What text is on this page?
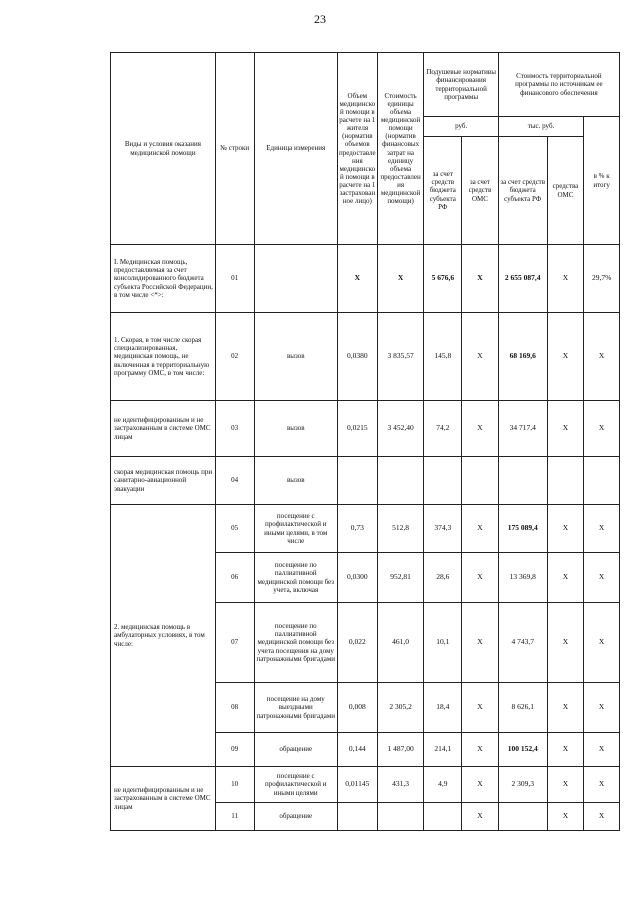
23
Виды и условия оказания медицинской помощи	№ строки	Единица измерения	Объем медицинской помощи в расчете на 1 жителя (норматив объемов предоставления медицинской помощи в расчете на 1 застрахованное лицо)	Стоимость единицы объема медицинской помощи (норматив финансовых затрат на единицу объема предоставления медицинской помощи)	Подушевые нормативы финансирования территориальной программы		Стоимость территориальной программы по источникам ее финансового обеспечения		
					руб.		тыс. руб.		в % к итогу
					за счет средств бюджета субъекта РФ	за счет средств ОМС	за счет средств бюджета субъекта РФ	средства ОМС	
I. Медицинская помощь, предоставляемая за счет консолидированного бюджета субъекта Российской Федерации, в том числе <*>:	01		X	X	5 676,6	X	2 655 087,4	X	29,7%
1. Скорая, в том числе скорая специализированная, медицинская помощь, не включенная в территориальную программу ОМС, в том числе:	02	вызов	0,0380	3 835,57	145,8	X	68 169,6	X	X
не идентифицированным и не застрахованным в системе ОМС лицам	03	вызов	0,0215	3 452,40	74,2	X	34 717,4	X	X
скорая медицинская помощь при санитарно-авиационной эвакуации	04	вызов							
2. медицинская помощь в амбулаторных условиях, в том числе:	05	посещение с профилактической и иными целями, в том числе	0,73	512,8	374,3	X	175 089,4	X	X
	06	посещение по паллиативной медицинской помощи без учета, включая	0,0300	952,81	28,6	X	13 369,8	X	X
	07	посещение по паллиативной медицинской помощи без учета посещения на дому патронажными бригадами	0,022	461,0	10,1	X	4 743,7	X	X
	08	посещение на дому выездными патронажными бригадами	0,008	2 305,2	18,4	X	8 626,1	X	X
	09	обращение	0,144	1 487,00	214,1	X	100 152,4	X	X
не идентифицированным и не застрахованным в системе ОМС лицам	10	посещение с профилактической и иными целями	0,01145	431,3	4,9	X	2 309,3	X	X
	11	обращение				X		X	X
